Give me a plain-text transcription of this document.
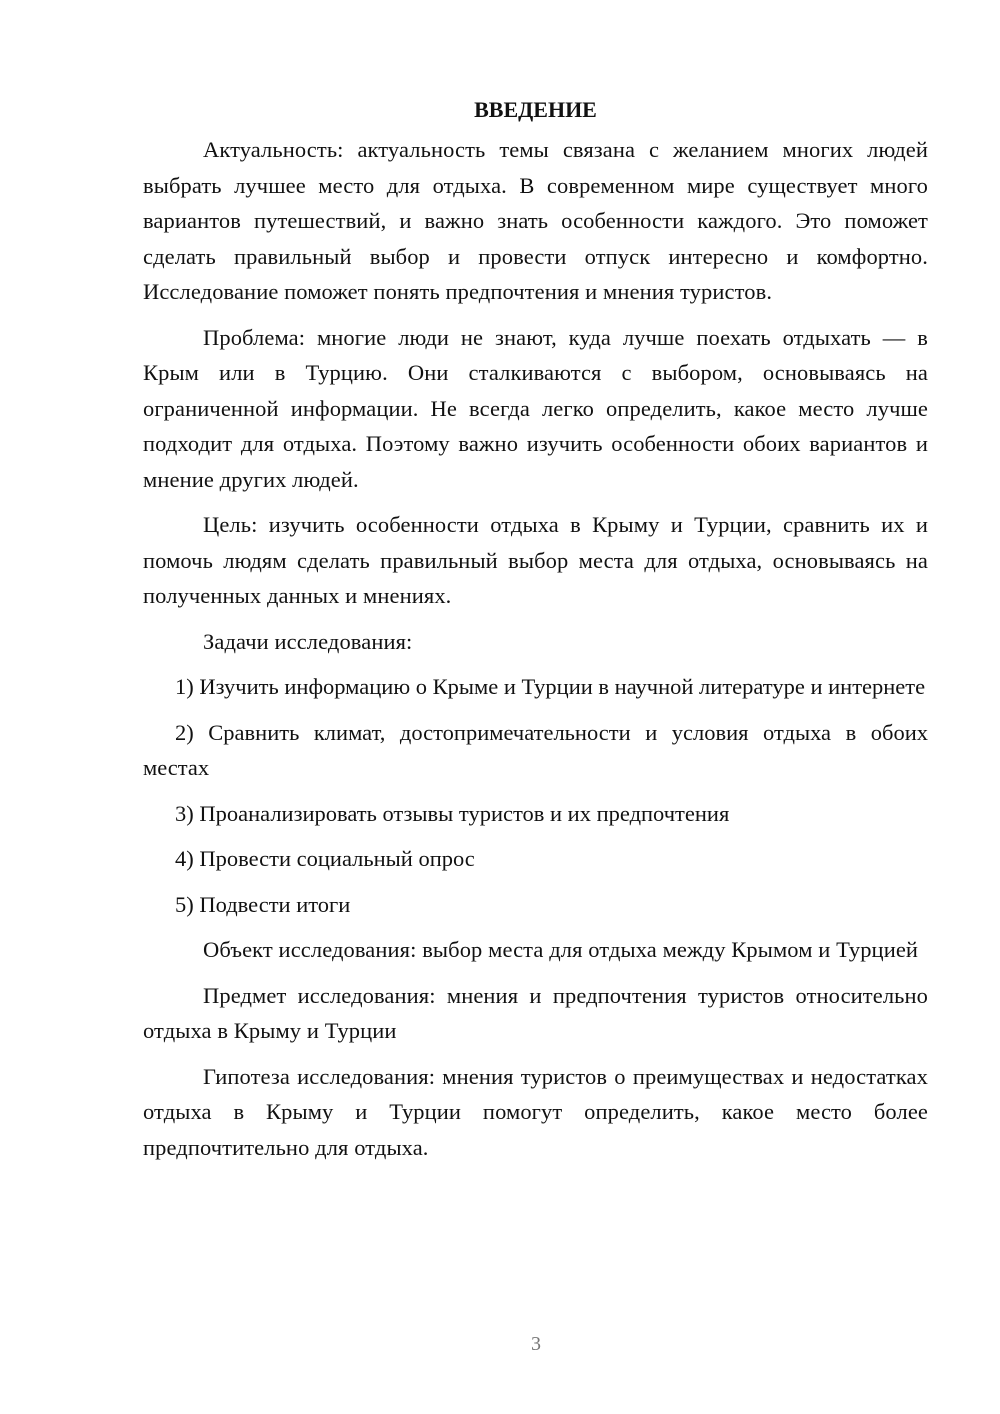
ВВЕДЕНИЕ

Актуальность: актуальность темы связана с желанием многих людей выбрать лучшее место для отдыха. В современном мире существует много вариантов путешествий, и важно знать особенности каждого. Это поможет сделать правильный выбор и провести отпуск интересно и комфортно. Исследование поможет понять предпочтения и мнения туристов.

Проблема: многие люди не знают, куда лучше поехать отдыхать — в Крым или в Турцию. Они сталкиваются с выбором, основываясь на ограниченной информации. Не всегда легко определить, какое место лучше подходит для отдыха. Поэтому важно изучить особенности обоих вариантов и мнение других людей.

Цель: изучить особенности отдыха в Крыму и Турции, сравнить их и помочь людям сделать правильный выбор места для отдыха, основываясь на полученных данных и мнениях.

Задачи исследования:

1) Изучить информацию о Крыме и Турции в научной литературе и интернете

2) Сравнить климат, достопримечательности и условия отдыха в обоих местах

3) Проанализировать отзывы туристов и их предпочтения

4) Провести социальный опрос

5) Подвести итоги

Объект исследования: выбор места для отдыха между Крымом и Турцией

Предмет исследования: мнения и предпочтения туристов относительно отдыха в Крыму и Турции

Гипотеза исследования: мнения туристов о преимуществах и недостатках отдыха в Крыму и Турции помогут определить, какое место более предпочтительно для отдыха.

3
